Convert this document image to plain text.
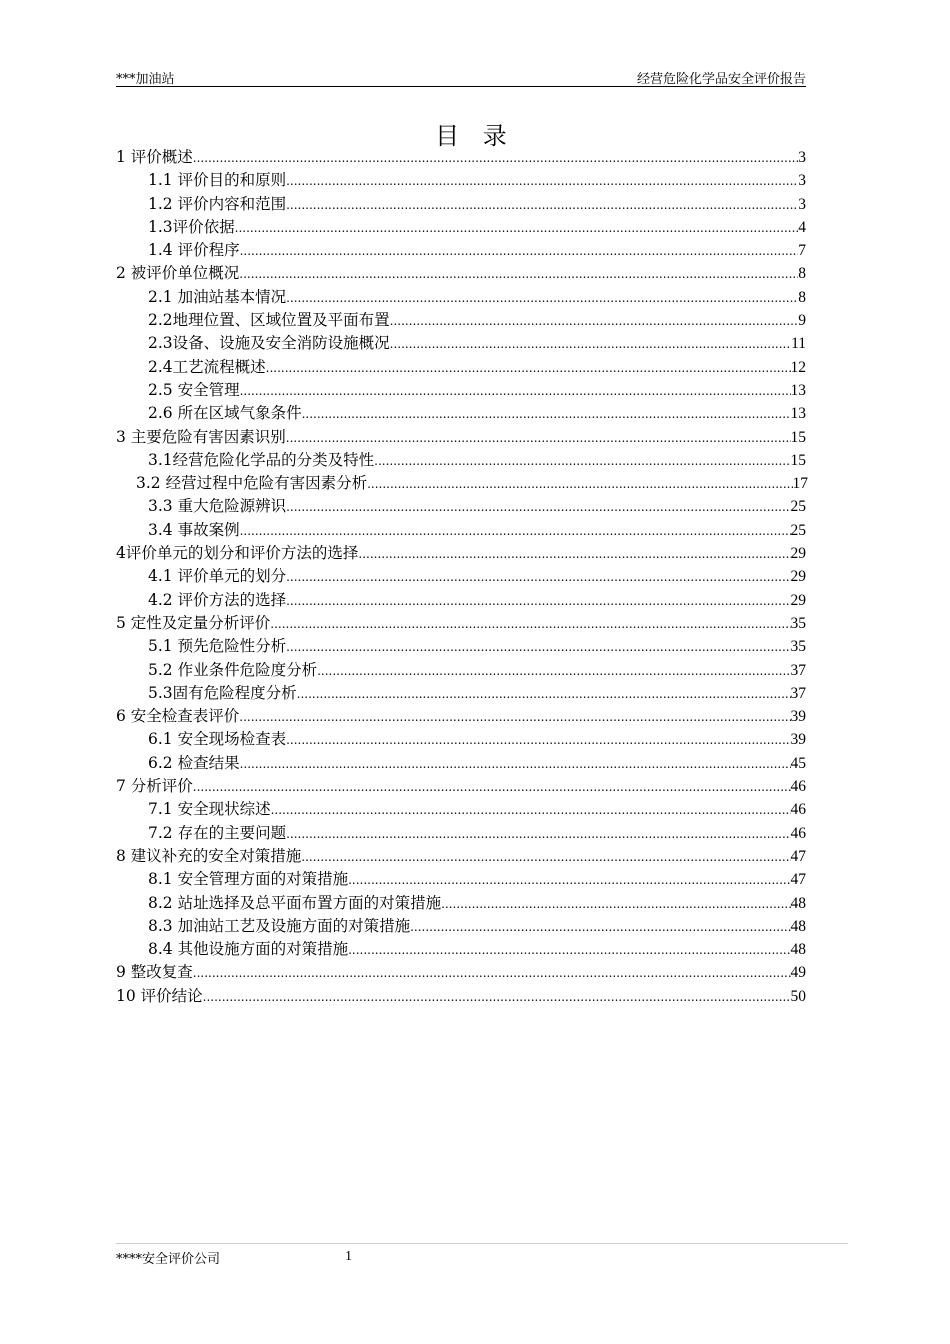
***加油站	经营危险化学品安全评价报告
目 录
1 评价概述 .....	3
1.1 评价目的和原则 .....	3
1.2 评价内容和范围 .....	3
1.3评价依据 .....	4
1.4 评价程序 .....	7
2 被评价单位概况 .....	8
2.1 加油站基本情况 .....	8
2.2地理位置、区域位置及平面布置 .....	9
2.3设备、设施及安全消防设施概况 .....	11
2.4工艺流程概述 .....	12
2.5 安全管理 .....	13
2.6 所在区域气象条件 .....	13
3 主要危险有害因素识别 .....	15
3.1经营危险化学品的分类及特性 .....	15
3.2 经营过程中危险有害因素分析 .....	17
3.3 重大危险源辨识 .....	25
3.4 事故案例 .....	25
4评价单元的划分和评价方法的选择 .....	29
4.1 评价单元的划分 .....	29
4.2 评价方法的选择 .....	29
5 定性及定量分析评价 .....	35
5.1 预先危险性分析 .....	35
5.2 作业条件危险度分析 .....	37
5.3固有危险程度分析 .....	37
6 安全检查表评价 .....	39
6.1 安全现场检查表 .....	39
6.2 检查结果 .....	45
7 分析评价 .....	46
7.1 安全现状综述 .....	46
7.2 存在的主要问题 .....	46
8 建议补充的安全对策措施 .....	47
8.1 安全管理方面的对策措施 .....	47
8.2 站址选择及总平面布置方面的对策措施 .....	48
8.3 加油站工艺及设施方面的对策措施 .....	48
8.4 其他设施方面的对策措施 .....	48
9 整改复查 .....	49
10 评价结论 .....	50
****安全评价公司	1
